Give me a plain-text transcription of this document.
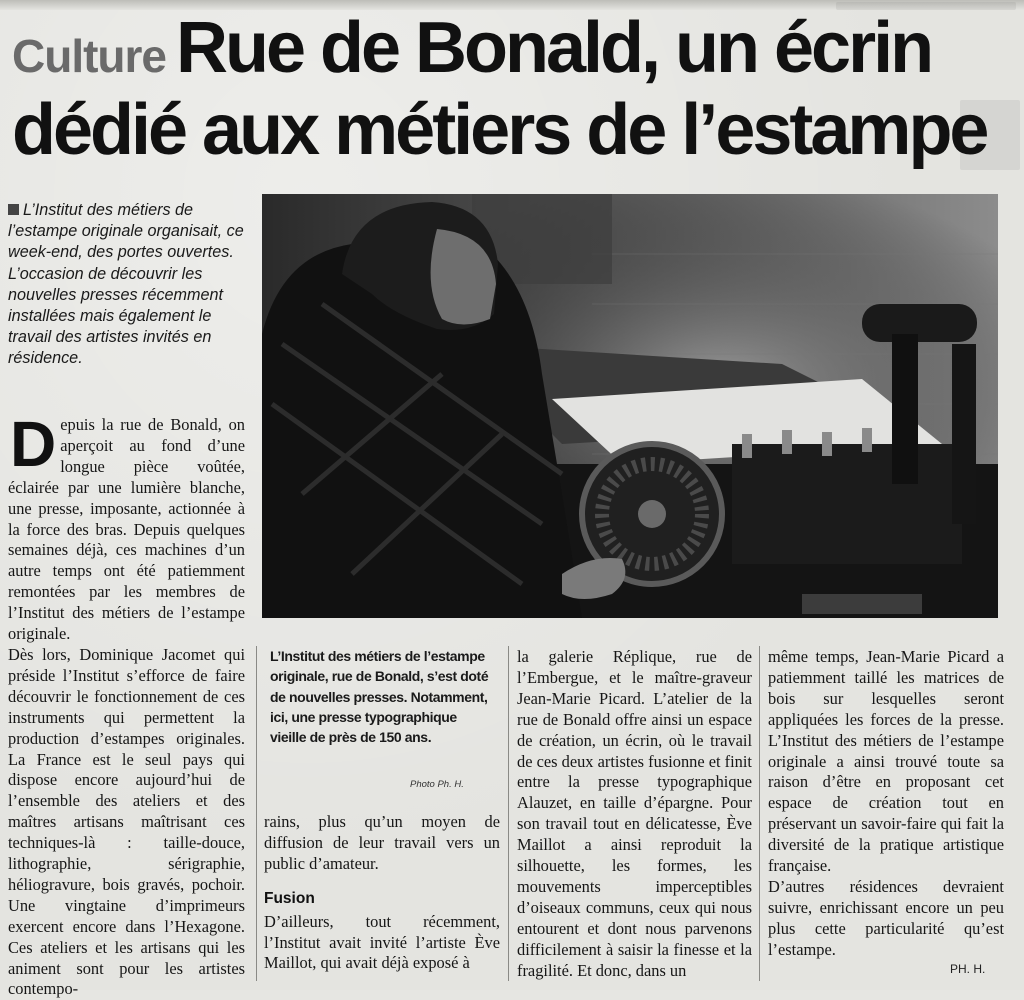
Culture Rue de Bonald, un écrin
dédié aux métiers de l’estampe
L’Institut des métiers de l’estampe originale organisait, ce week-end, des portes ouvertes. L’occasion de découvrir les nouvelles presses récemment installées mais également le travail des artistes invités en résidence.
L’Institut des métiers de l’estampe originale, rue de Bonald, s’est doté de nouvelles presses. Notamment, ici, une presse typographique vieille de près de 150 ans.
Photo Ph. H.
D epuis la rue de Bonald, on aperçoit au fond d’une longue pièce voûtée, éclairée par une lumière blanche, une presse, imposante, actionnée à la force des bras. Depuis quelques semaines déjà, ces machines d’un autre temps ont été patiemment remontées par les membres de l’Institut des métiers de l’estampe originale.

Dès lors, Dominique Jacomet qui préside l’Institut s’efforce de faire découvrir le fonctionnement de ces instruments qui permettent la production d’estampes originales. La France est le seul pays qui dispose encore aujourd’hui de l’ensemble des ateliers et des maîtres artisans maîtrisant ces techniques-là : taille-douce, lithographie, sérigraphie, héliogravure, bois gravés, pochoir. Une vingtaine d’imprimeurs exercent encore dans l’Hexagone. Ces ateliers et les artisans qui les animent sont pour les artistes contempo-

rains, plus qu’un moyen de diffusion de leur travail vers un public d’amateur.

Fusion

D’ailleurs, tout récemment, l’Institut avait invité l’artiste Ève Maillot, qui avait déjà exposé à

la galerie Réplique, rue de l’Embergue, et le maître-graveur Jean-Marie Picard. L’atelier de la rue de Bonald offre ainsi un espace de création, un écrin, où le travail de ces deux artistes fusionne et finit entre la presse typographique Alauzet, en taille d’épargne. Pour son travail tout en délicatesse, Ève Maillot a ainsi reproduit la silhouette, les formes, les mouvements imperceptibles d’oiseaux communs, ceux qui nous entourent et dont nous parvenons difficilement à saisir la finesse et la fragilité. Et donc, dans un

même temps, Jean-Marie Picard a patiemment taillé les matrices de bois sur lesquelles seront appliquées les forces de la presse. L’Institut des métiers de l’estampe originale a ainsi trouvé toute sa raison d’être en proposant cet espace de création tout en préservant un savoir-faire qui fait la diversité de la pratique artistique française.

D’autres résidences devraient suivre, enrichissant encore un peu plus cette particularité qu’est l’estampe.

PH. H.
